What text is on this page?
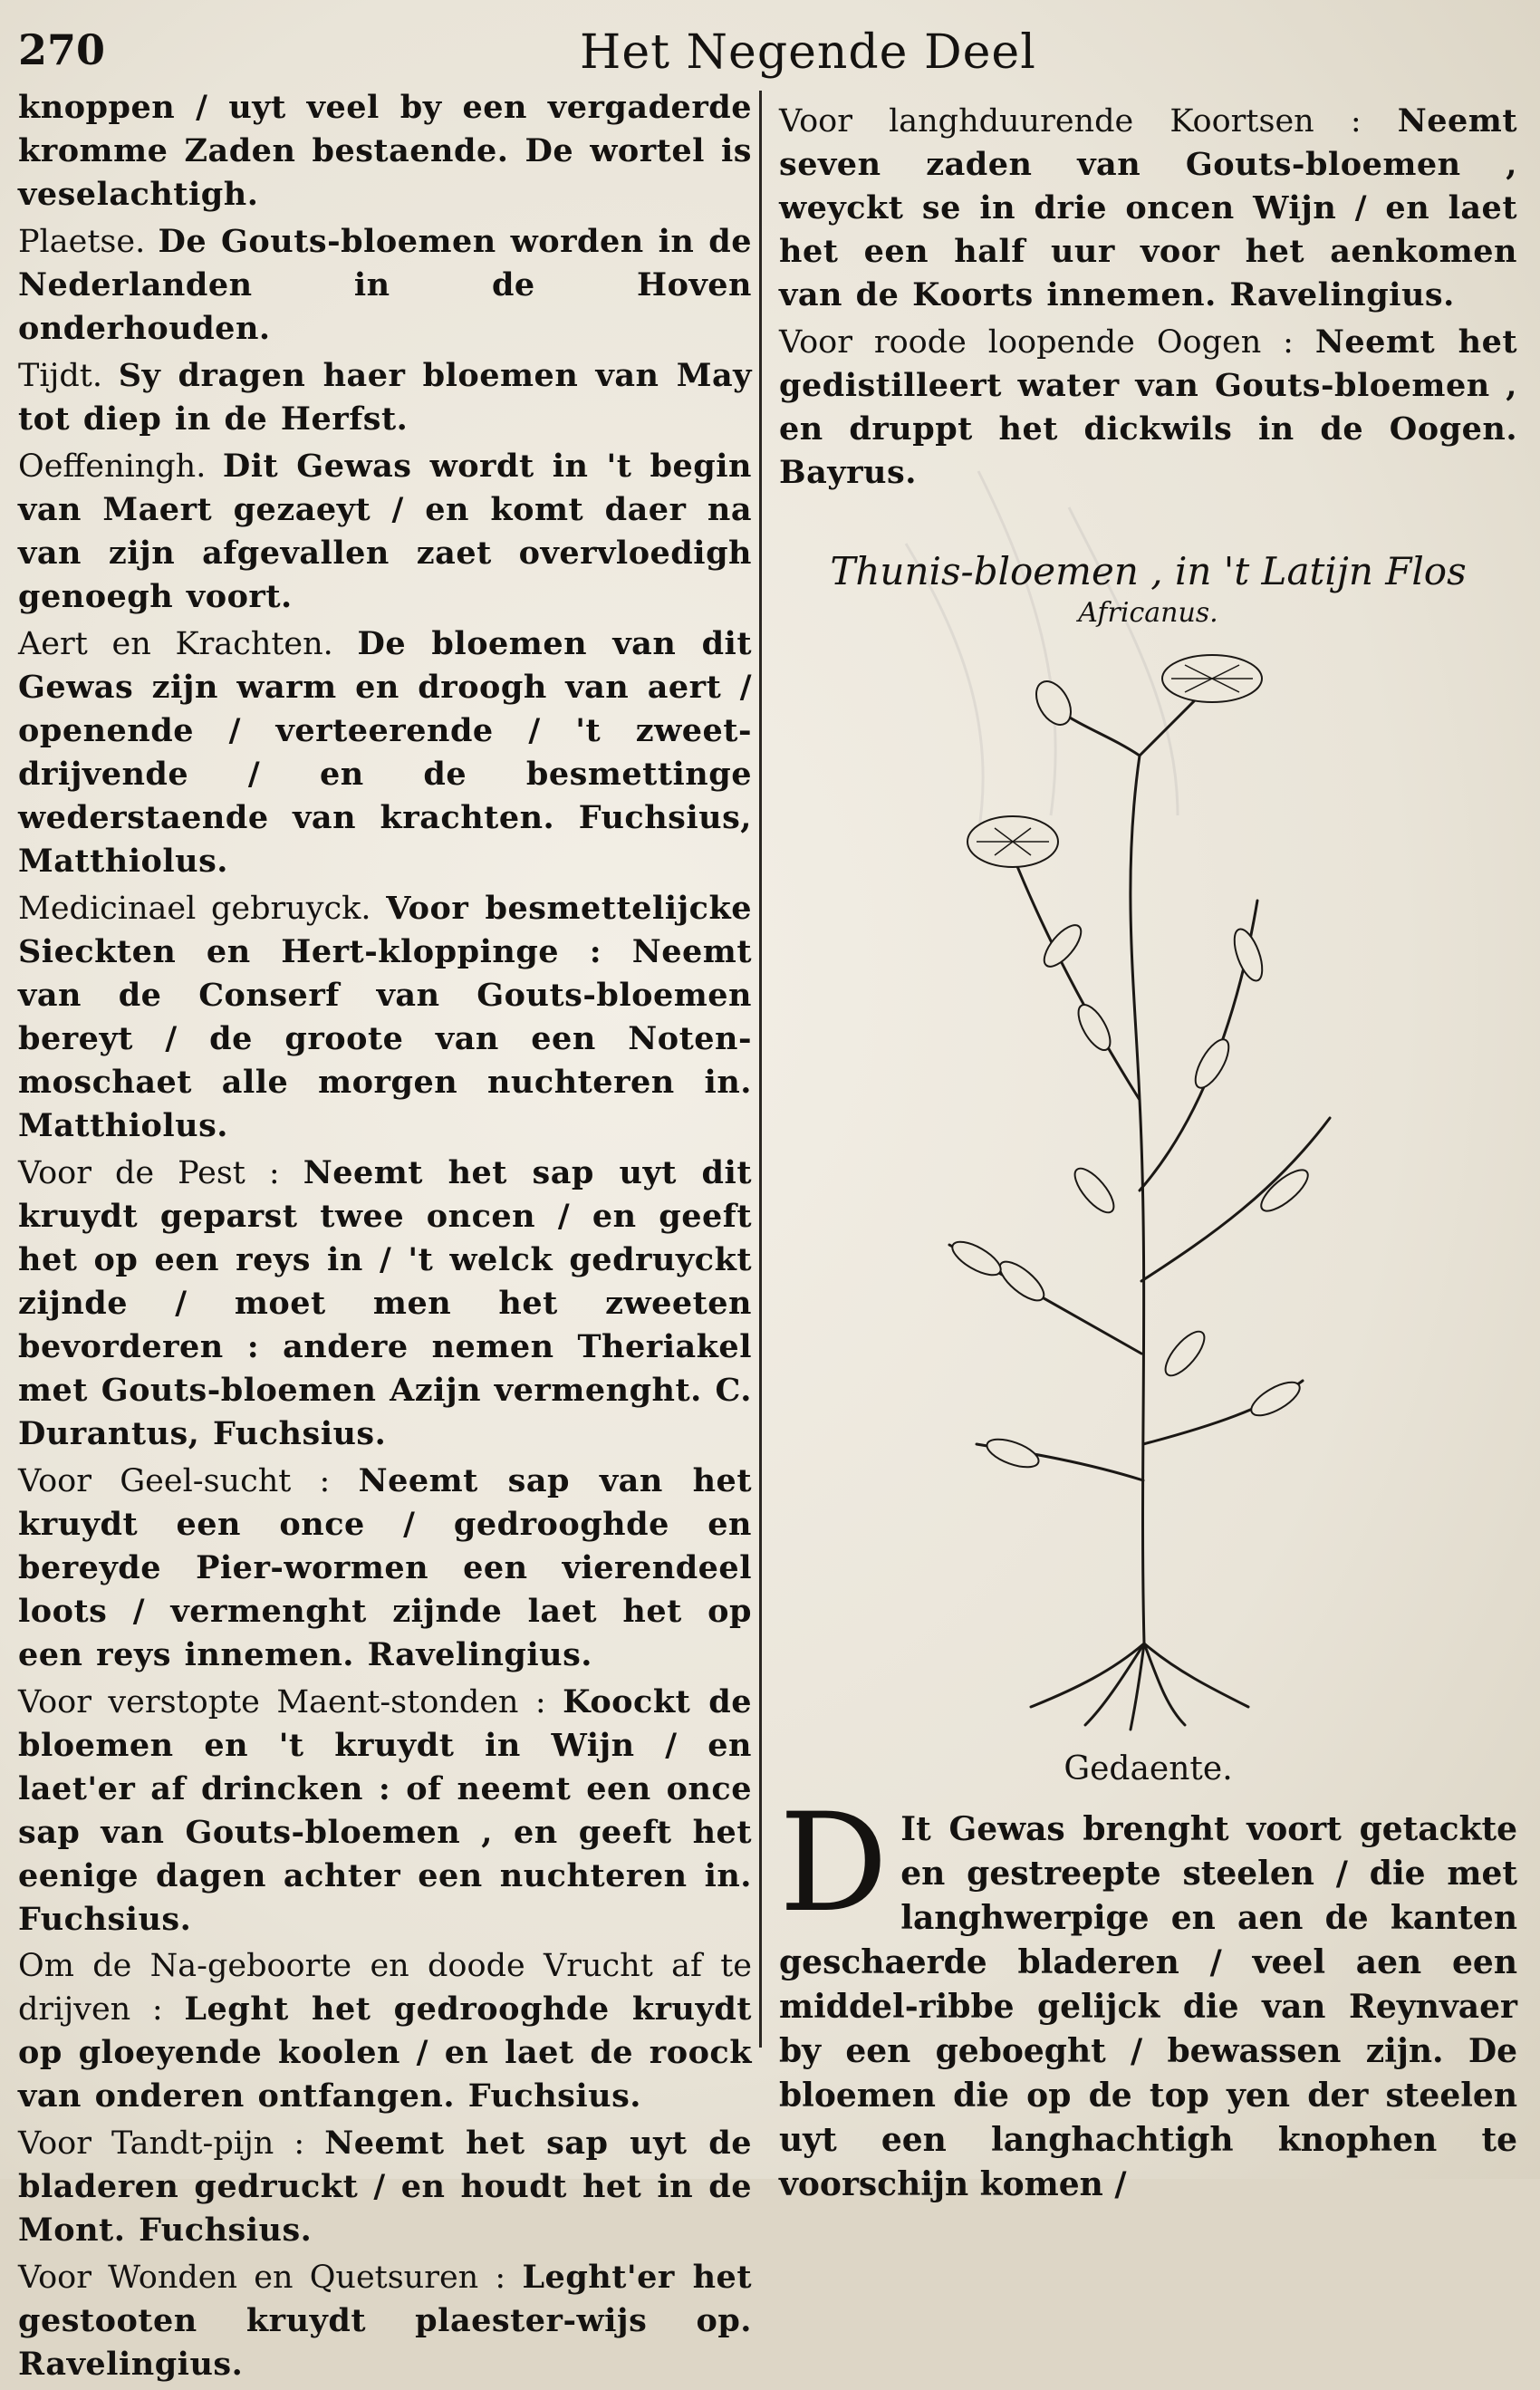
270	Het Negende Deel

knoppen / uyt veel by een vergaderde kromme Zaden bestaende. De wortel is veselachtigh.

Plaetse. De Gouts-bloemen worden in de Nederlanden in de Hoven onderhouden.

Tijdt. Sy dragen haer bloemen van May tot diep in de Herfst.

Oeffeningh. Dit Gewas wordt in 't begin van Maert gezaeyt / en komt daer na van zijn afgevallen zaet overvloedigh genoegh voort.

Aert en Krachten. De bloemen van dit Gewas zijn warm en droogh van aert / openende / verteerende / 't zweet-drijvende / en de besmettinge wederstaende van krachten. Fuchsius, Matthiolus.

Medicinael gebruyck. Voor besmettelijcke Sieckten en Hert-kloppinge : Neemt van de Conserf van Gouts-bloemen bereyt / de groote van een Noten-moschaet alle morgen nuchteren in. Matthiolus.

Voor de Pest : Neemt het sap uyt dit kruydt geparst twee oncen / en geeft het op een reys in / 't welck gedruyckt zijnde / moet men het zweeten bevorderen : andere nemen Theriakel met Gouts-bloemen Azijn vermenght. C. Durantus, Fuchsius.

Voor Geel-sucht : Neemt sap van het kruydt een once / gedrooghde en bereyde Pier-wormen een vierendeel loots / vermenght zijnde laet het op een reys innemen. Ravelingius.

Voor verstopte Maent-stonden : Koockt de bloemen en 't kruydt in Wijn / en laet'er af drincken : of neemt een once sap van Gouts-bloemen , en geeft het eenige dagen achter een nuchteren in. Fuchsius.

Om de Na-geboorte en doode Vrucht af te drijven : Leght het gedrooghde kruydt op gloeyende koolen / en laet de roock van onderen ontfangen. Fuchsius.

Voor Tandt-pijn : Neemt het sap uyt de bladeren gedruckt / en houdt het in de Mont. Fuchsius.

Voor Wonden en Quetsuren : Leght'er het gestooten kruydt plaester-wijs op. Ravelingius.

Voor langhduurende Koortsen : Neemt seven zaden van Gouts-bloemen , weyckt se in drie oncen Wijn / en laet het een half uur voor het aenkomen van de Koorts innemen. Ravelingius.

Voor roode loopende Oogen : Neemt het gedistilleert water van Gouts-bloemen , en druppt het dickwils in de Oogen. Bayrus.

Thunis-bloemen , in 't Latijn Flos

Africanus.

Gedaente.

D It Gewas brenght voort getackte en gestreepte steelen / die met langhwerpige en aen de kanten geschaerde bladeren / veel aen een middel-ribbe gelijck die van Reynvaer by een geboeght / bewassen zijn. De bloemen die op de top yen der steelen uyt een langhachtigh knophen te voorschijn komen /
